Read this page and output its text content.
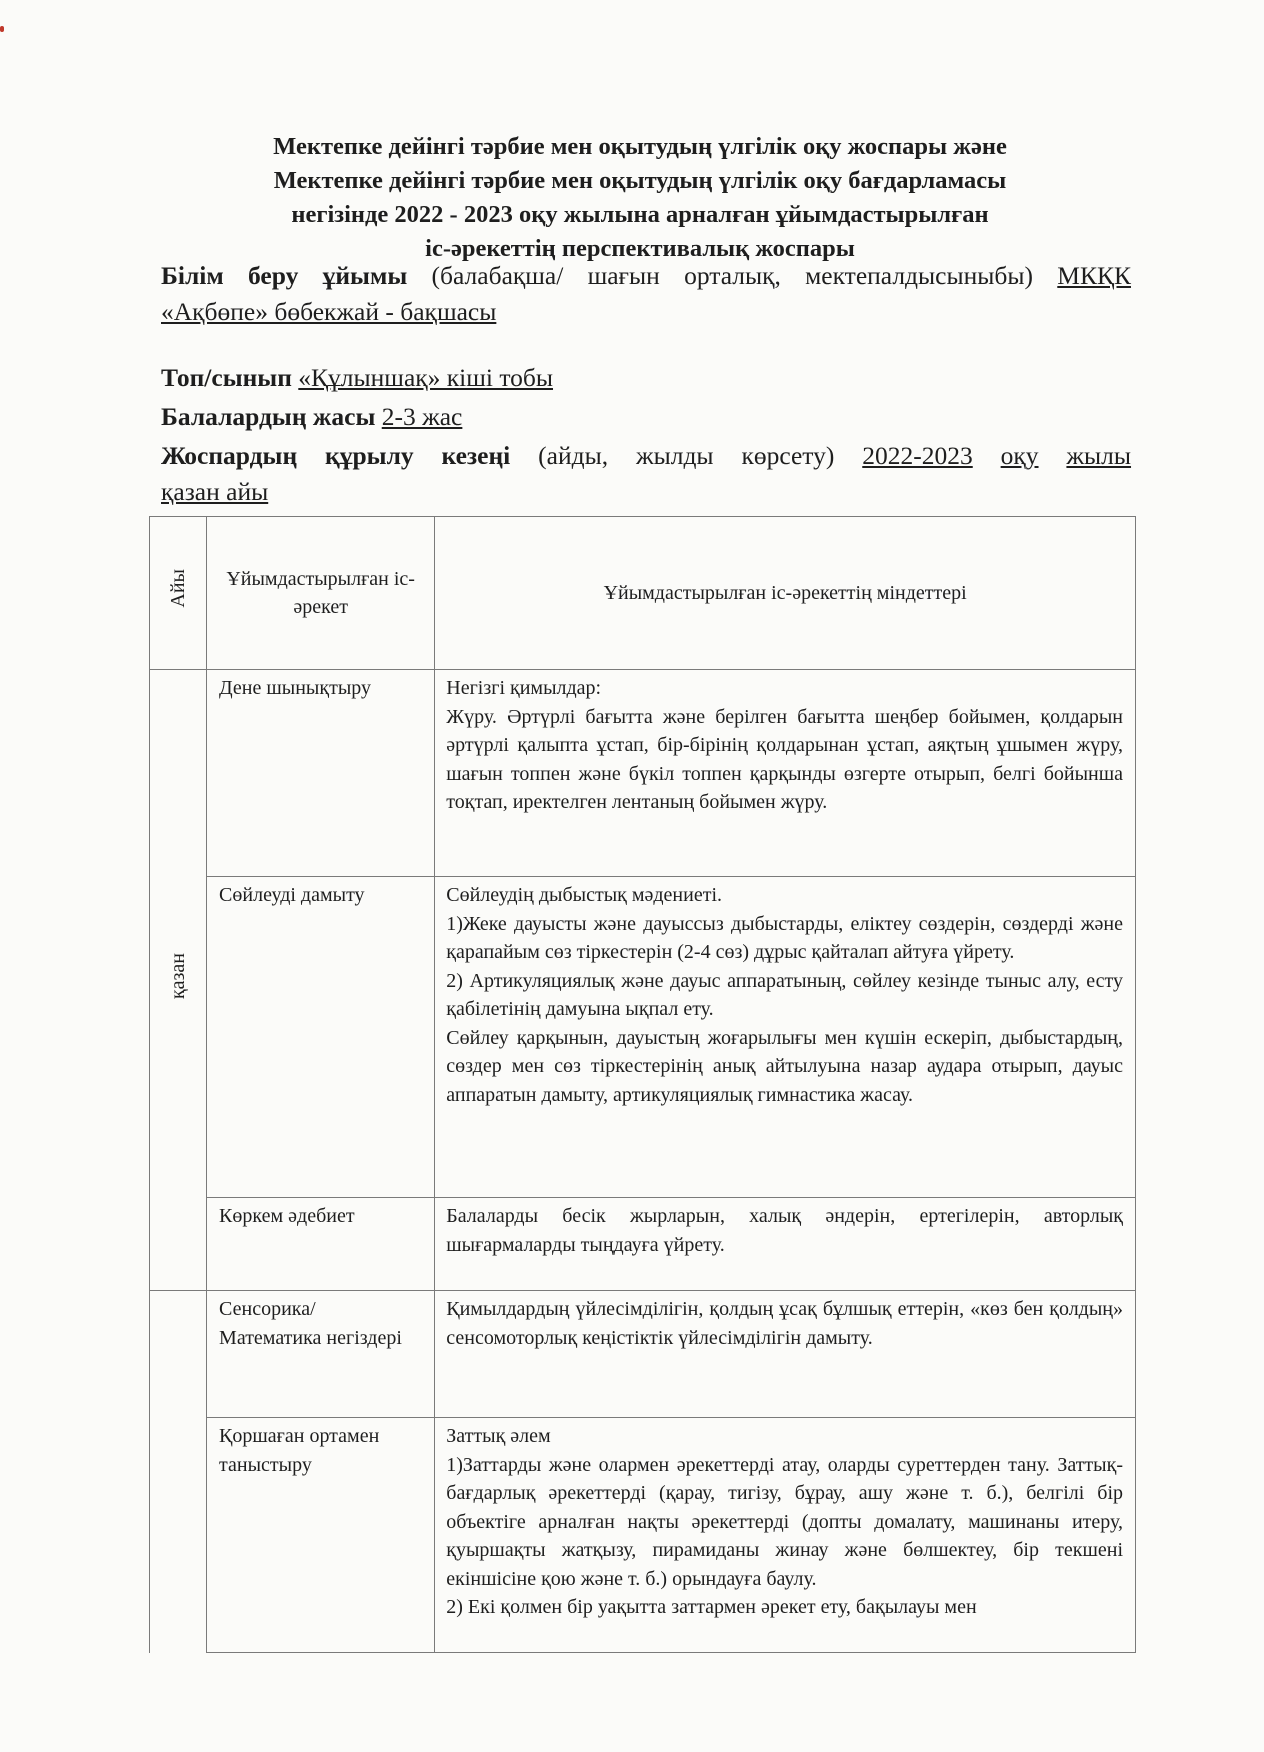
Мектепке дейінгі тәрбие мен оқытудың үлгілік оқу жоспары және
Мектепке дейінгі тәрбие мен оқытудың үлгілік оқу бағдарламасы
негізінде 2022 - 2023 оқу жылына арналған ұйымдастырылған
іс-әрекеттің перспективалық жоспары
Білім беру ұйымы (балабақша/ шағын орталық, мектепалдысыныбы) МКҚК
«Ақбөпе» бөбекжай - бақшасы
Топ/сынып «Құлыншақ» кіші тобы
Балалардың жасы 2-3 жас
Жоспардың құрылу кезеңі (айды, жылды көрсету) 2022-2023 оқу жылы
қазан айы
Айы	Ұйымдастырылған іс-әрекет	Ұйымдастырылған іс-әрекеттің міндеттері
қазан	Дене шынықтыру	Негізгі қимылдар:

Жүру. Әртүрлі бағытта және берілген бағытта шеңбер бойымен, қолдарын әртүрлі қалыпта ұстап, бір-бірінің қолдарынан ұстап, аяқтың ұшымен жүру, шағын топпен және бүкіл топпен қарқынды өзгерте отырып, белгі бойынша тоқтап, иректелген лентаның бойымен жүру.

	Сөйлеуді дамыту	Сөйлеудің дыбыстық мәдениеті.

1)Жеке дауысты және дауыссыз дыбыстарды, еліктеу сөздерін, сөздерді және қарапайым сөз тіркестерін (2-4 сөз) дұрыс қайталап айтуға үйрету.

2) Артикуляциялық және дауыс аппаратының, сөйлеу кезінде тыныс алу, есту қабілетінің дамуына ықпал ету.

Сөйлеу қарқынын, дауыстың жоғарылығы мен күшін ескеріп, дыбыстардың, сөздер мен сөз тіркестерінің анық айтылуына назар аудара отырып, дауыс аппаратын дамыту, артикуляциялық гимнастика жасау.

	Көркем әдебиет	Балаларды бесік жырларын, халық әндерін, ертегілерін, авторлық шығармаларды тыңдауға үйрету.

	Сенсорика/ Математика негіздері	Қимылдардың үйлесімділігін, қолдың ұсақ бұлшық еттерін, «көз бен қолдың» сенсомоторлық кеңістіктік үйлесімділігін дамыту.

	Қоршаған ортамен таныстыру	Заттық әлем

1)Заттарды және олармен әрекеттерді атау, оларды суреттерден тану. Заттық-бағдарлық әрекеттерді (қарау, тигізу, бұрау, ашу және т. б.), белгілі бір объектіге арналған нақты әрекеттерді (допты домалату, машинаны итеру, қуыршақты жатқызу, пирамиданы жинау және бөлшектеу, бір текшені екіншісіне қою және т. б.) орындауға баулу.

2) Екі қолмен бір уақытта заттармен әрекет ету, бақылауы мен
